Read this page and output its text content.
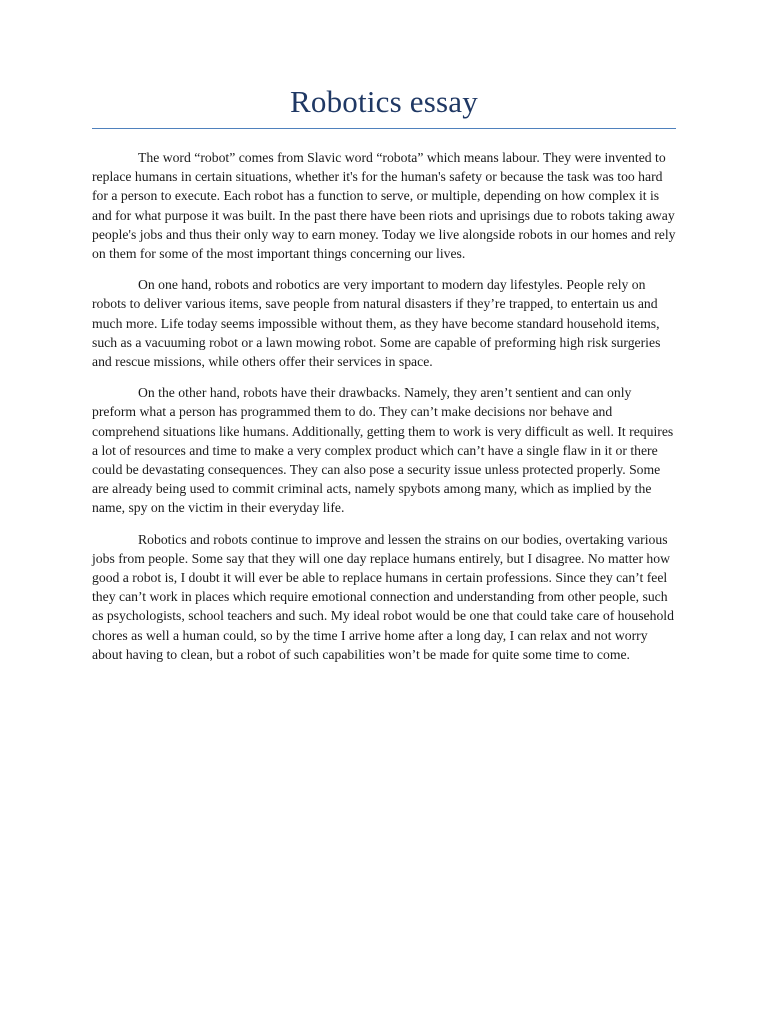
Robotics essay

The word “robot” comes from Slavic word “robota” which means labour. They were invented to replace humans in certain situations, whether it's for the human's safety or because the task was too hard for a person to execute. Each robot has a function to serve, or multiple, depending on how complex it is and for what purpose it was built. In the past there have been riots and uprisings due to robots taking away people's jobs and thus their only way to earn money. Today we live alongside robots in our homes and rely on them for some of the most important things concerning our lives.

On one hand, robots and robotics are very important to modern day lifestyles. People rely on robots to deliver various items, save people from natural disasters if they’re trapped, to entertain us and much more. Life today seems impossible without them, as they have become standard household items, such as a vacuuming robot or a lawn mowing robot. Some are capable of preforming high risk surgeries and rescue missions, while others offer their services in space.

On the other hand, robots have their drawbacks. Namely, they aren’t sentient and can only preform what a person has programmed them to do. They can’t make decisions nor behave and comprehend situations like humans. Additionally, getting them to work is very difficult as well. It requires a lot of resources and time to make a very complex product which can’t have a single flaw in it or there could be devastating consequences. They can also pose a security issue unless protected properly. Some are already being used to commit criminal acts, namely spybots among many, which as implied by the name, spy on the victim in their everyday life.

Robotics and robots continue to improve and lessen the strains on our bodies, overtaking various jobs from people. Some say that they will one day replace humans entirely, but I disagree. No matter how good a robot is, I doubt it will ever be able to replace humans in certain professions. Since they can’t feel they can’t work in places which require emotional connection and understanding from other people, such as psychologists, school teachers and such. My ideal robot would be one that could take care of household chores as well a human could, so by the time I arrive home after a long day, I can relax and not worry about having to clean, but a robot of such capabilities won’t be made for quite some time to come.
